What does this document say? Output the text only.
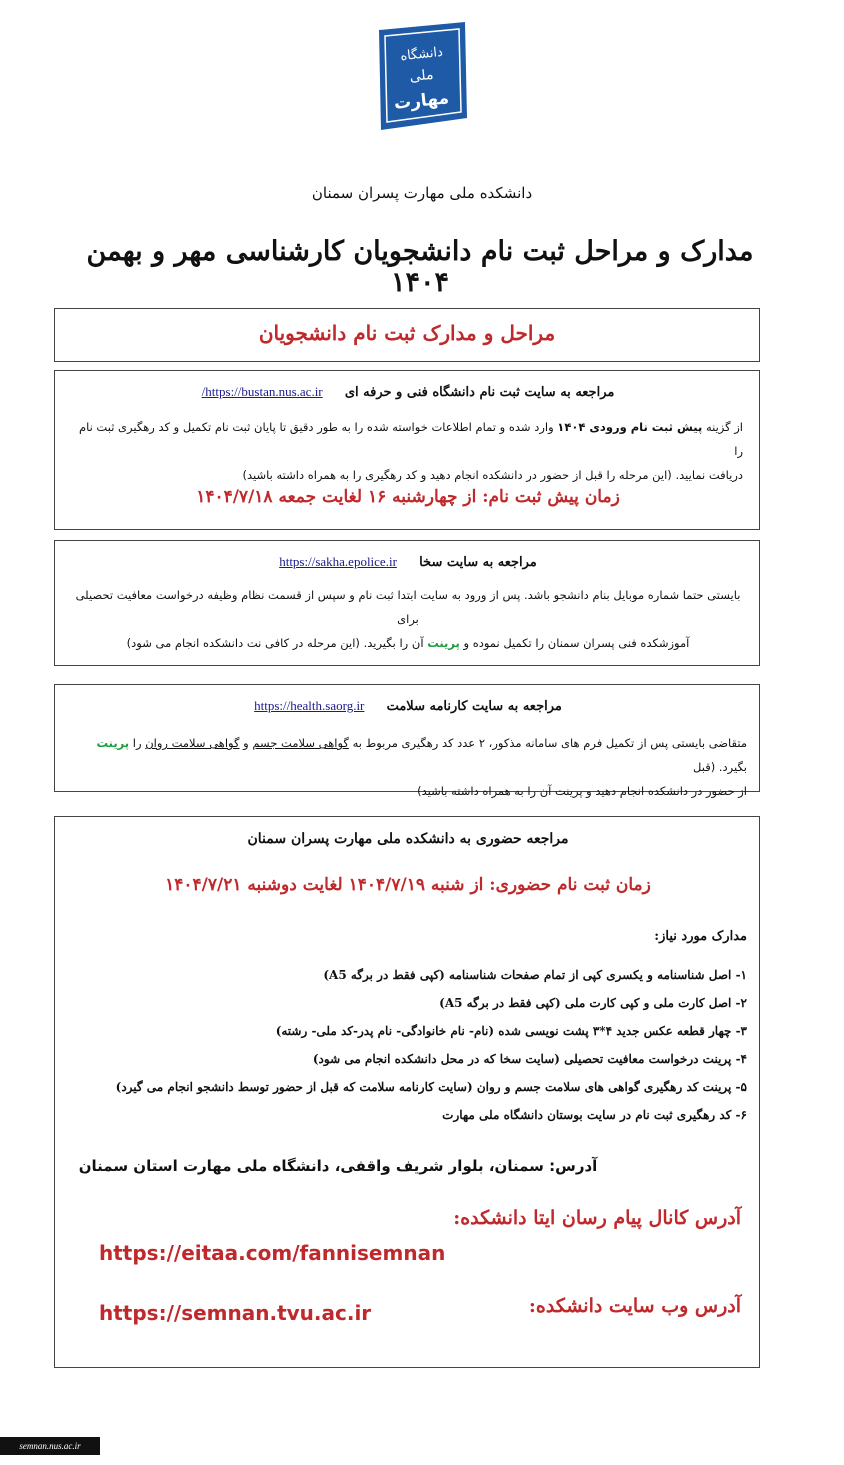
دانشگاه
ملی
مهارت
دانشکده ملی مهارت پسران سمنان
مدارک و مراحل ثبت نام دانشجویان کارشناسی مهر و بهمن ۱۴۰۴
مراحل و مدارک ثبت نام دانشجویان
مراجعه به سایت ثبت نام دانشگاه فنی و حرفه ای  https://bustan.nus.ac.ir/
از گزینه پیش ثبت نام ورودی ۱۴۰۴ وارد شده و تمام اطلاعات خواسته شده را به طور دقیق تا پایان ثبت نام تکمیل و کد رهگیری ثبت نام را
دریافت نمایید. (این مرحله را قبل از حضور در دانشکده انجام دهید و کد رهگیری را به همراه داشته باشید)
زمان پیش ثبت نام: از چهارشنبه ۱۶ لغایت جمعه ۱۴۰۴/۷/۱۸
مراجعه به سایت سخا  https://sakha.epolice.ir
بایستی حتما شماره موبایل بنام دانشجو باشد. پس از ورود به سایت ابتدا ثبت نام و سپس از قسمت نظام وظیفه درخواست معافیت تحصیلی برای
آموزشکده فنی پسران سمنان را تکمیل نموده و پرینت آن را بگیرید. (این مرحله در کافی نت دانشکده انجام می شود)
مراجعه به سایت کارنامه سلامت  https://health.saorg.ir
متقاضی بایستی پس از تکمیل فرم های سامانه مذکور، ۲ عدد کد رهگیری مربوط به گواهی سلامت جسم و گواهی سلامت روان را پرینت بگیرد. (قبل
از حضور در دانشکده انجام دهید و پرینت آن را به همراه داشته باشید)
مراجعه حضوری به دانشکده ملی مهارت پسران سمنان
زمان ثبت نام حضوری: از شنبه ۱۴۰۴/۷/۱۹ لغایت دوشنبه ۱۴۰۴/۷/۲۱
مدارک مورد نیاز:
۱- اصل شناسنامه و یکسری کپی از تمام صفحات شناسنامه (کپی فقط در برگه A5)
۲- اصل کارت ملی و کپی کارت ملی (کپی فقط در برگه A5)
۳- چهار قطعه عکس جدید ۴*۳ پشت نویسی شده (نام- نام خانوادگی- نام پدر-کد ملی- رشته)
۴- پرینت درخواست معافیت تحصیلی (سایت سخا که در محل دانشکده انجام می شود)
۵- پرینت کد رهگیری گواهی های سلامت جسم و روان (سایت کارنامه سلامت که قبل از حضور توسط دانشجو انجام می گیرد)
۶- کد رهگیری ثبت نام در سایت بوستان دانشگاه ملی مهارت
آدرس: سمنان، بلوار شریف واقفی، دانشگاه ملی مهارت استان سمنان
آدرس کانال پیام رسان ایتا دانشکده:
https://eitaa.com/fannisemnan
آدرس وب سایت دانشکده:
https://semnan.tvu.ac.ir
semnan.nus.ac.ir
